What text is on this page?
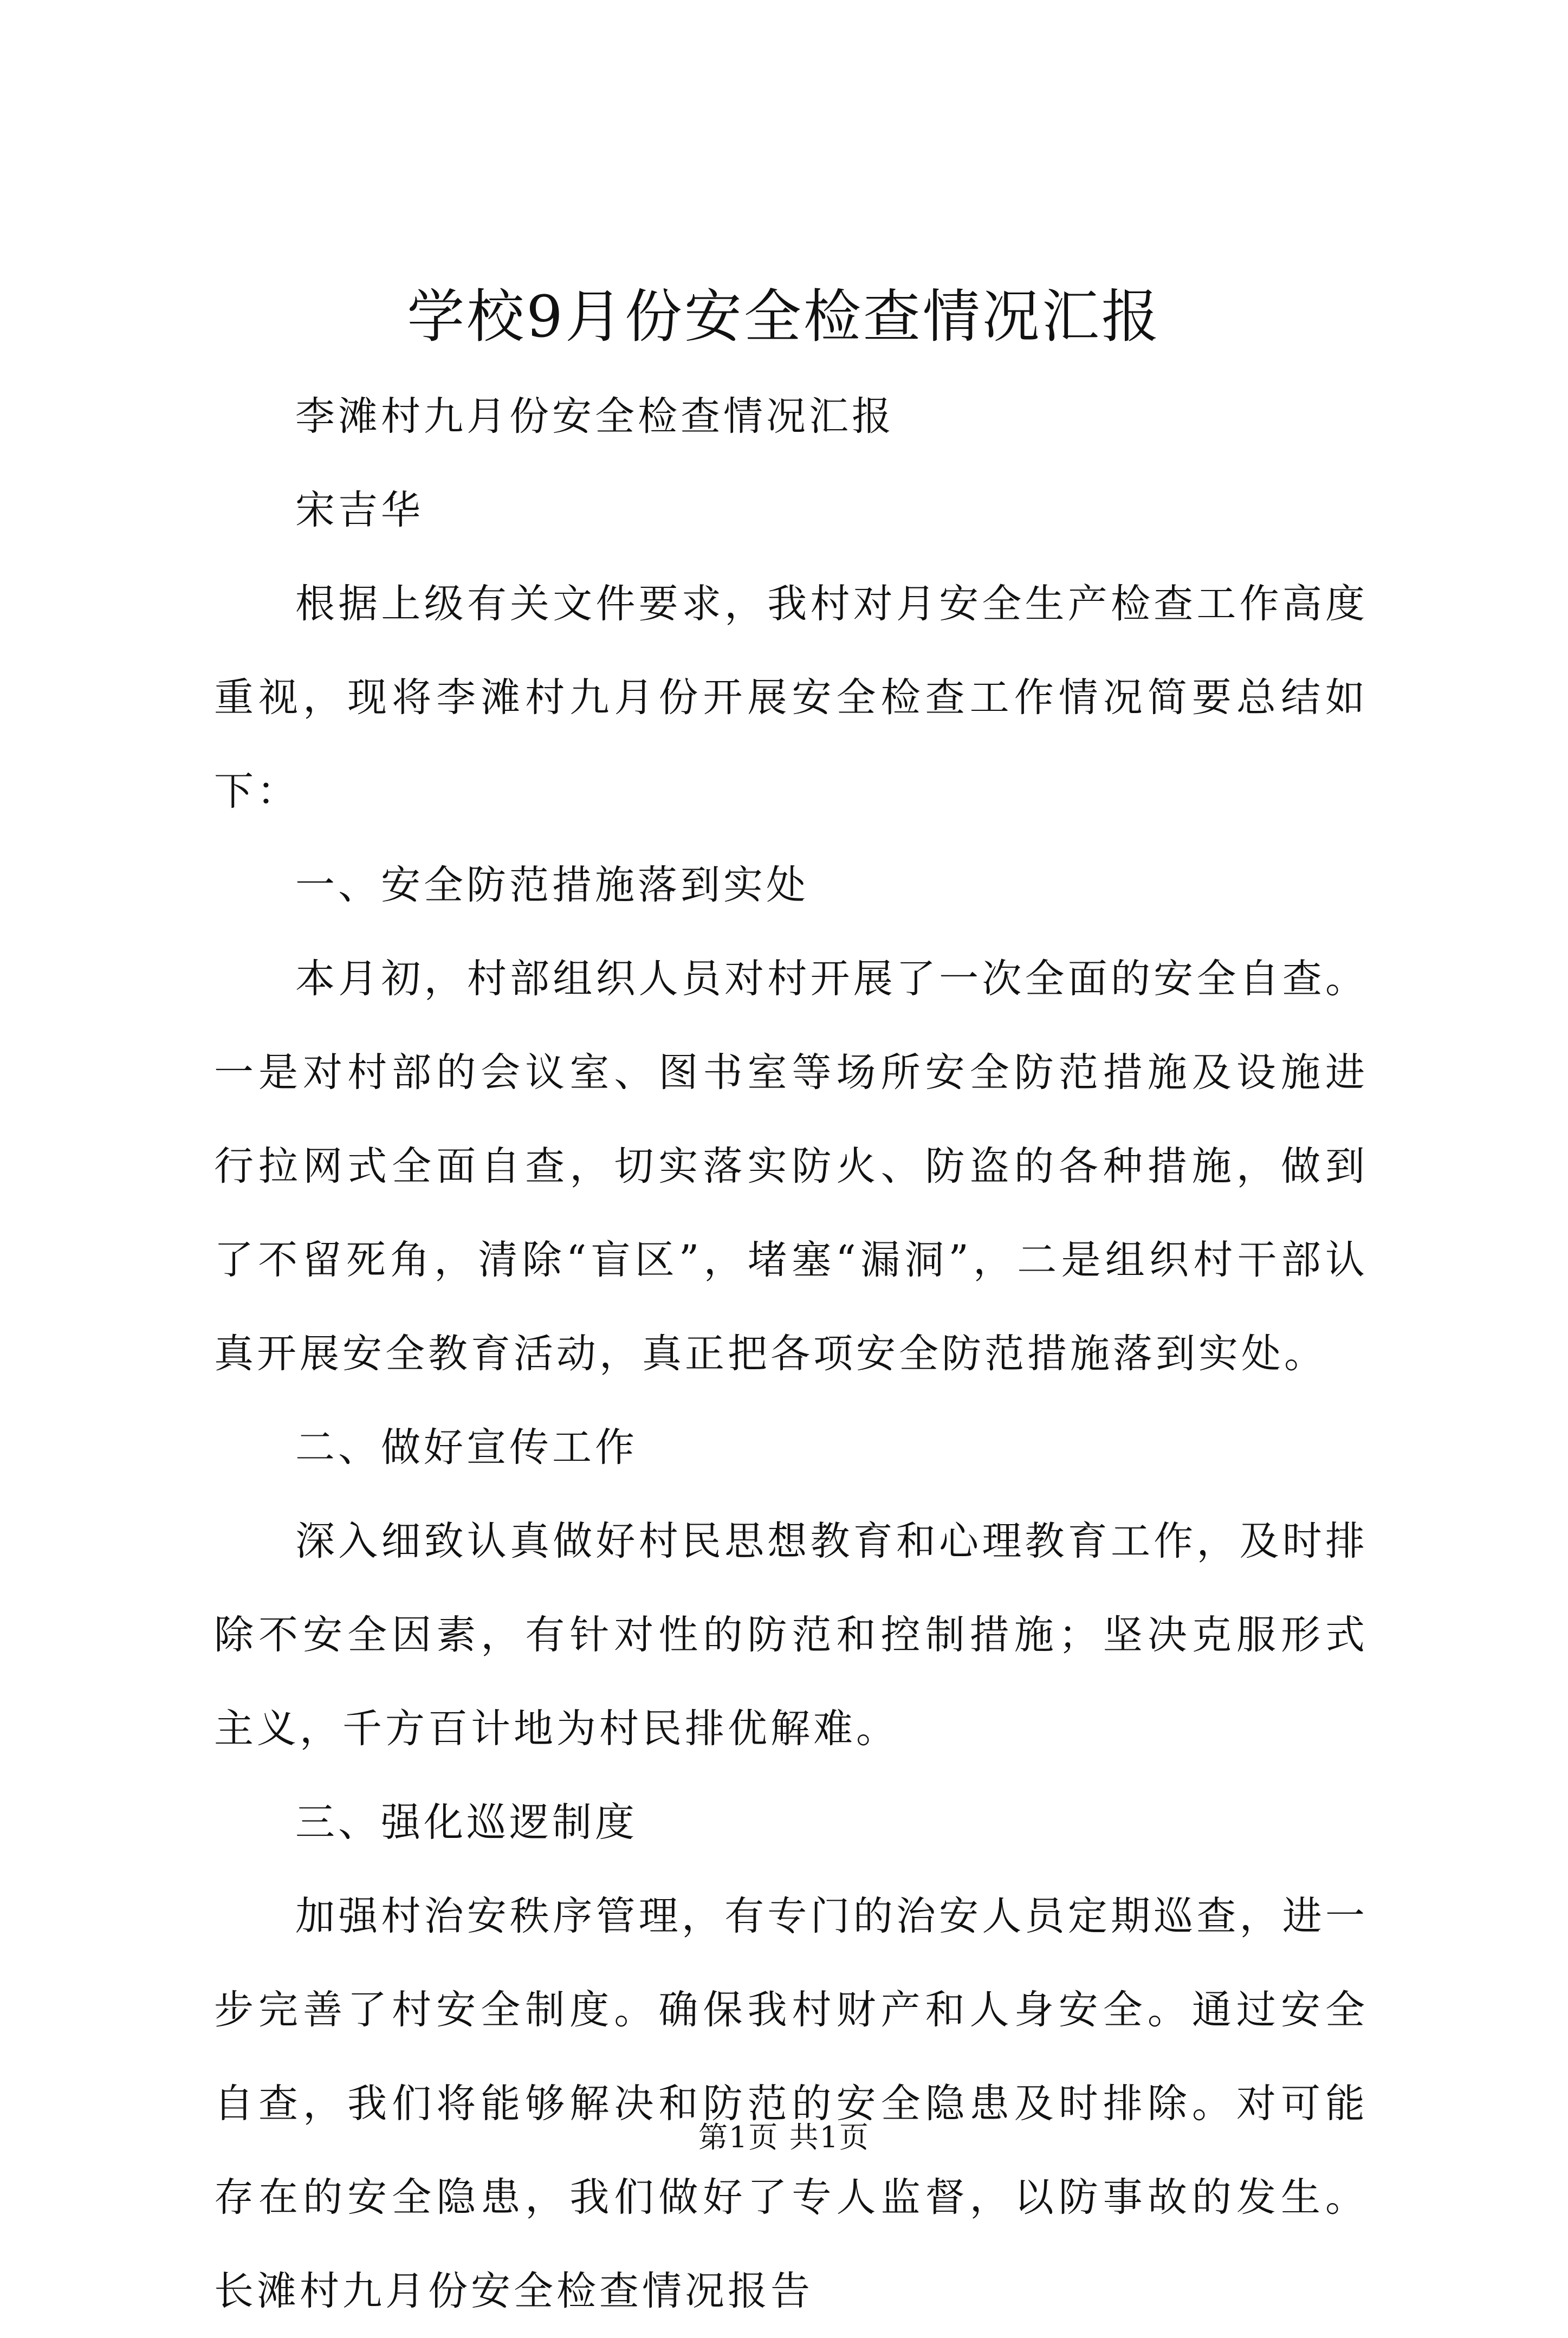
学校9月份安全检查情况汇报

李滩村九月份安全检查情况汇报

宋吉华

根据上级有关文件要求，我村对月安全生产检查工作高度重视，现将李滩村九月份开展安全检查工作情况简要总结如下：

一、安全防范措施落到实处

本月初，村部组织人员对村开展了一次全面的安全自查。一是对村部的会议室、图书室等场所安全防范措施及设施进行拉网式全面自查，切实落实防火、防盗的各种措施，做到了不留死角，清除“盲区”，堵塞“漏洞”，二是组织村干部认真开展安全教育活动，真正把各项安全防范措施落到实处。

二、做好宣传工作

深入细致认真做好村民思想教育和心理教育工作，及时排除不安全因素，有针对性的防范和控制措施；坚决克服形式主义，千方百计地为村民排优解难。

三、强化巡逻制度

加强村治安秩序管理，有专门的治安人员定期巡查，进一步完善了村安全制度。确保我村财产和人身安全。通过安全自查，我们将能够解决和防范的安全隐患及时排除。对可能存在的安全隐患，我们做好了专人监督，以防事故的发生。长滩村九月份安全检查情况报告

第1页 共1页
